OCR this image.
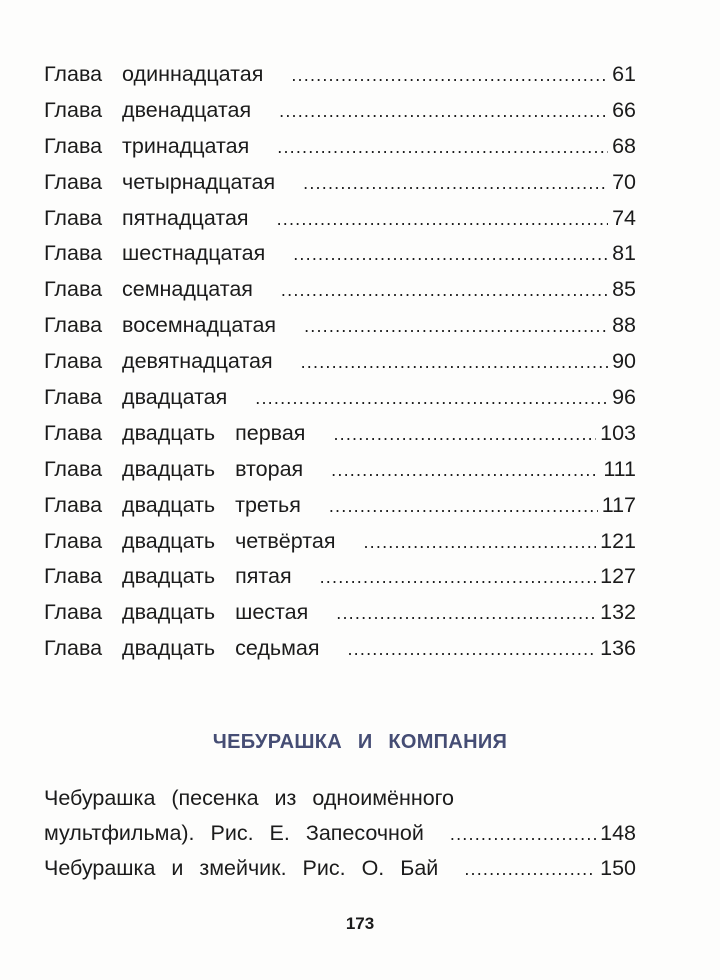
Глава одиннадцатая .....	61
Глава двенадцатая .....	66
Глава тринадцатая .....	68
Глава четырнадцатая .....	70
Глава пятнадцатая .....	74
Глава шестнадцатая .....	81
Глава семнадцатая .....	85
Глава восемнадцатая .....	88
Глава девятнадцатая .....	90
Глава двадцатая .....	96
Глава двадцать первая .....	103
Глава двадцать вторая .....	111
Глава двадцать третья .....	117
Глава двадцать четвёртая .....	121
Глава двадцать пятая .....	127
Глава двадцать шестая .....	132
Глава двадцать седьмая .....	136
ЧЕБУРАШКА И КОМПАНИЯ
Чебурашка (песенка из одноимённого
мультфильма). Рис. Е. Запесочной .....	148
Чебурашка и змейчик. Рис. О. Бай .....	150
173
